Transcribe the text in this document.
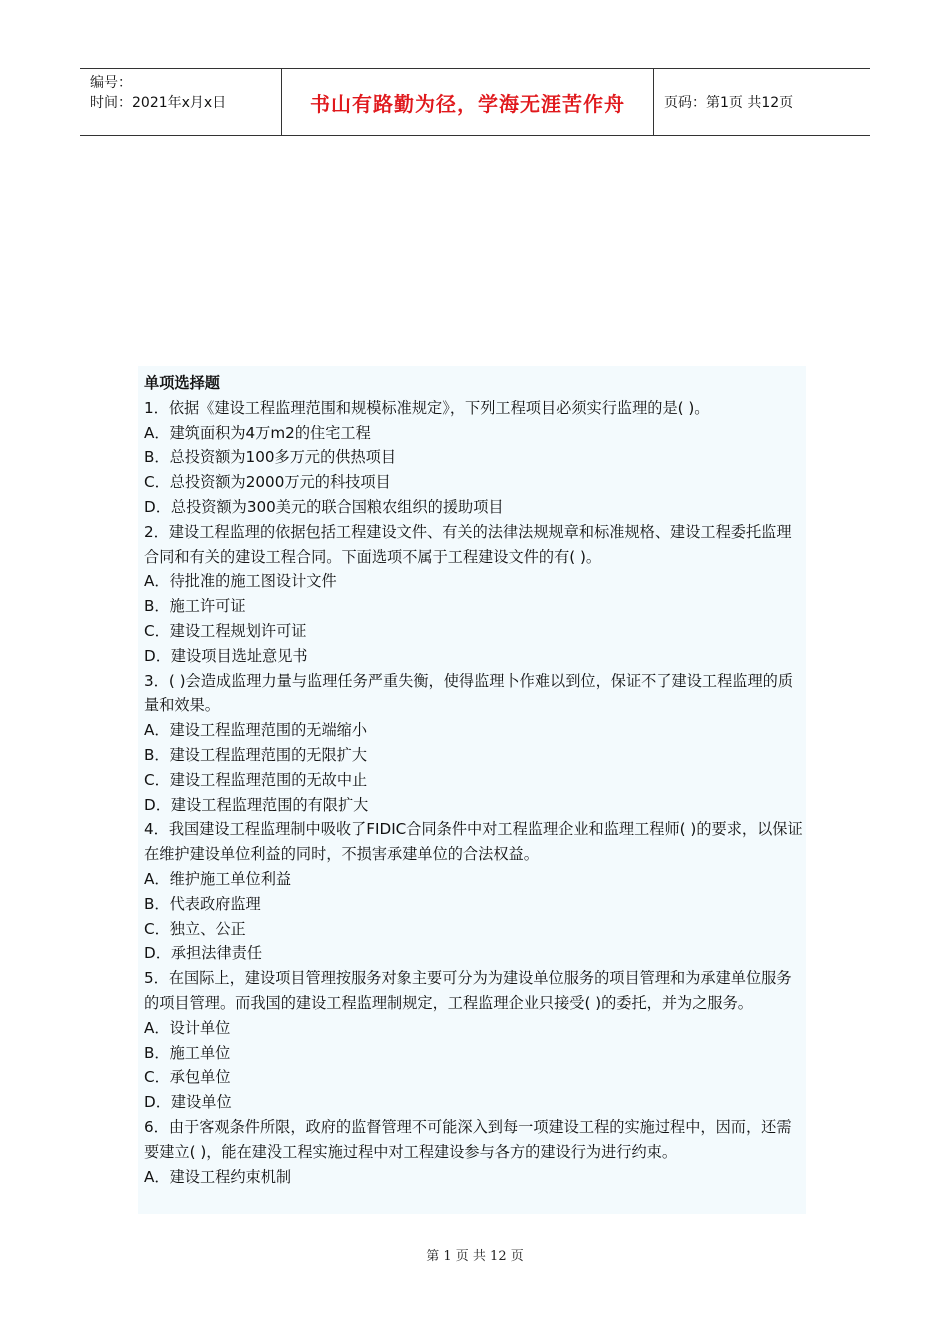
编号：
时间：2021年x月x日	书山有路勤为径，学海无涯苦作舟	页码：第1页 共12页
单项选择题
1．依据《建设工程监理范围和规模标准规定》，下列工程项目必须实行监理的是( )。
A．建筑面积为4万m2的住宅工程
B．总投资额为100多万元的供热项目
C．总投资额为2000万元的科技项目
D．总投资额为300美元的联合国粮农组织的援助项目
2．建设工程监理的依据包括工程建设文件、有关的法律法规规章和标准规格、建设工程委托监理合同和有关的建设工程合同。下面选项不属于工程建设文件的有( )。
A．待批准的施工图设计文件
B．施工许可证
C．建设工程规划许可证
D．建设项目选址意见书
3．( )会造成监理力量与监理任务严重失衡，使得监理卜作难以到位，保证不了建设工程监理的质量和效果。
A．建设工程监理范围的无端缩小
B．建设工程监理范围的无限扩大
C．建设工程监理范围的无故中止
D．建设工程监理范围的有限扩大
4．我国建设工程监理制中吸收了FIDIC合同条件中对工程监理企业和监理工程师( )的要求，以保证在维护建设单位利益的同时，不损害承建单位的合法权益。
A．维护施工单位利益
B．代表政府监理
C．独立、公正
D．承担法律责任
5．在国际上，建设项目管理按服务对象主要可分为为建设单位服务的项目管理和为承建单位服务的项目管理。而我国的建设工程监理制规定，工程监理企业只接受( )的委托，并为之服务。
A．设计单位
B．施工单位
C．承包单位
D．建设单位
6．由于客观条件所限，政府的监督管理不可能深入到每一项建设工程的实施过程中，因而，还需要建立( )，能在建没工程实施过程中对工程建设参与各方的建设行为进行约束。
A．建设工程约束机制
第 1 页 共 12 页
